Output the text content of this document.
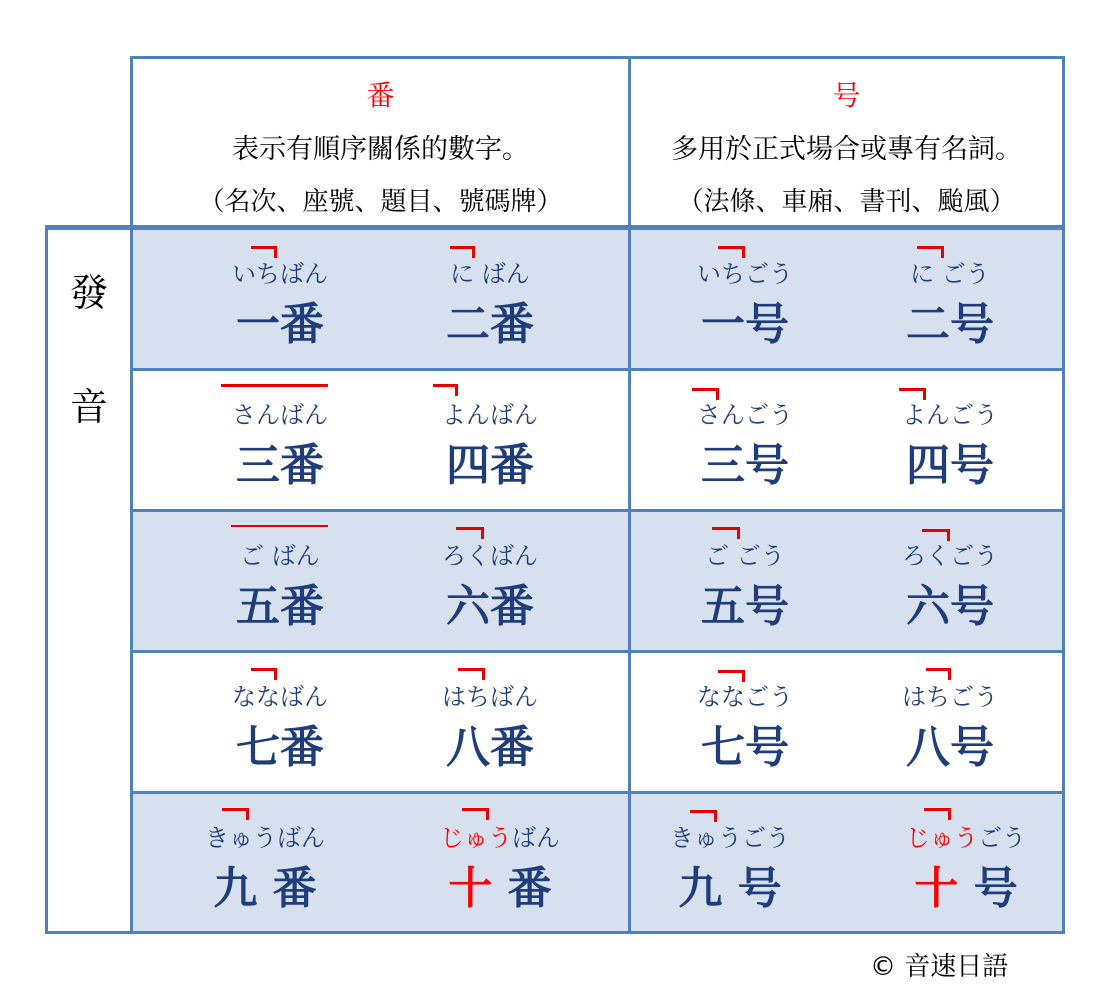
番
表示有順序關係的數字。
（名次、座號、題目、號碼牌）
号
多用於正式場合或專有名詞。
（法條、車廂、書刊、颱風）
發
音
いちばん
一番
に ばん
二番
いちごう
一号
に ごう
二号
さんばん
三番
よんばん
四番
さんごう
三号
よんごう
四号
ご ばん
五番
ろくばん
六番
ご ごう
五号
ろくごう
六号
ななばん
七番
はちばん
八番
ななごう
七号
はちごう
八号
きゅうばん
九 番
じゅうばん
十 番
きゅうごう
九 号
じゅうごう
十 号
© 音速日語
